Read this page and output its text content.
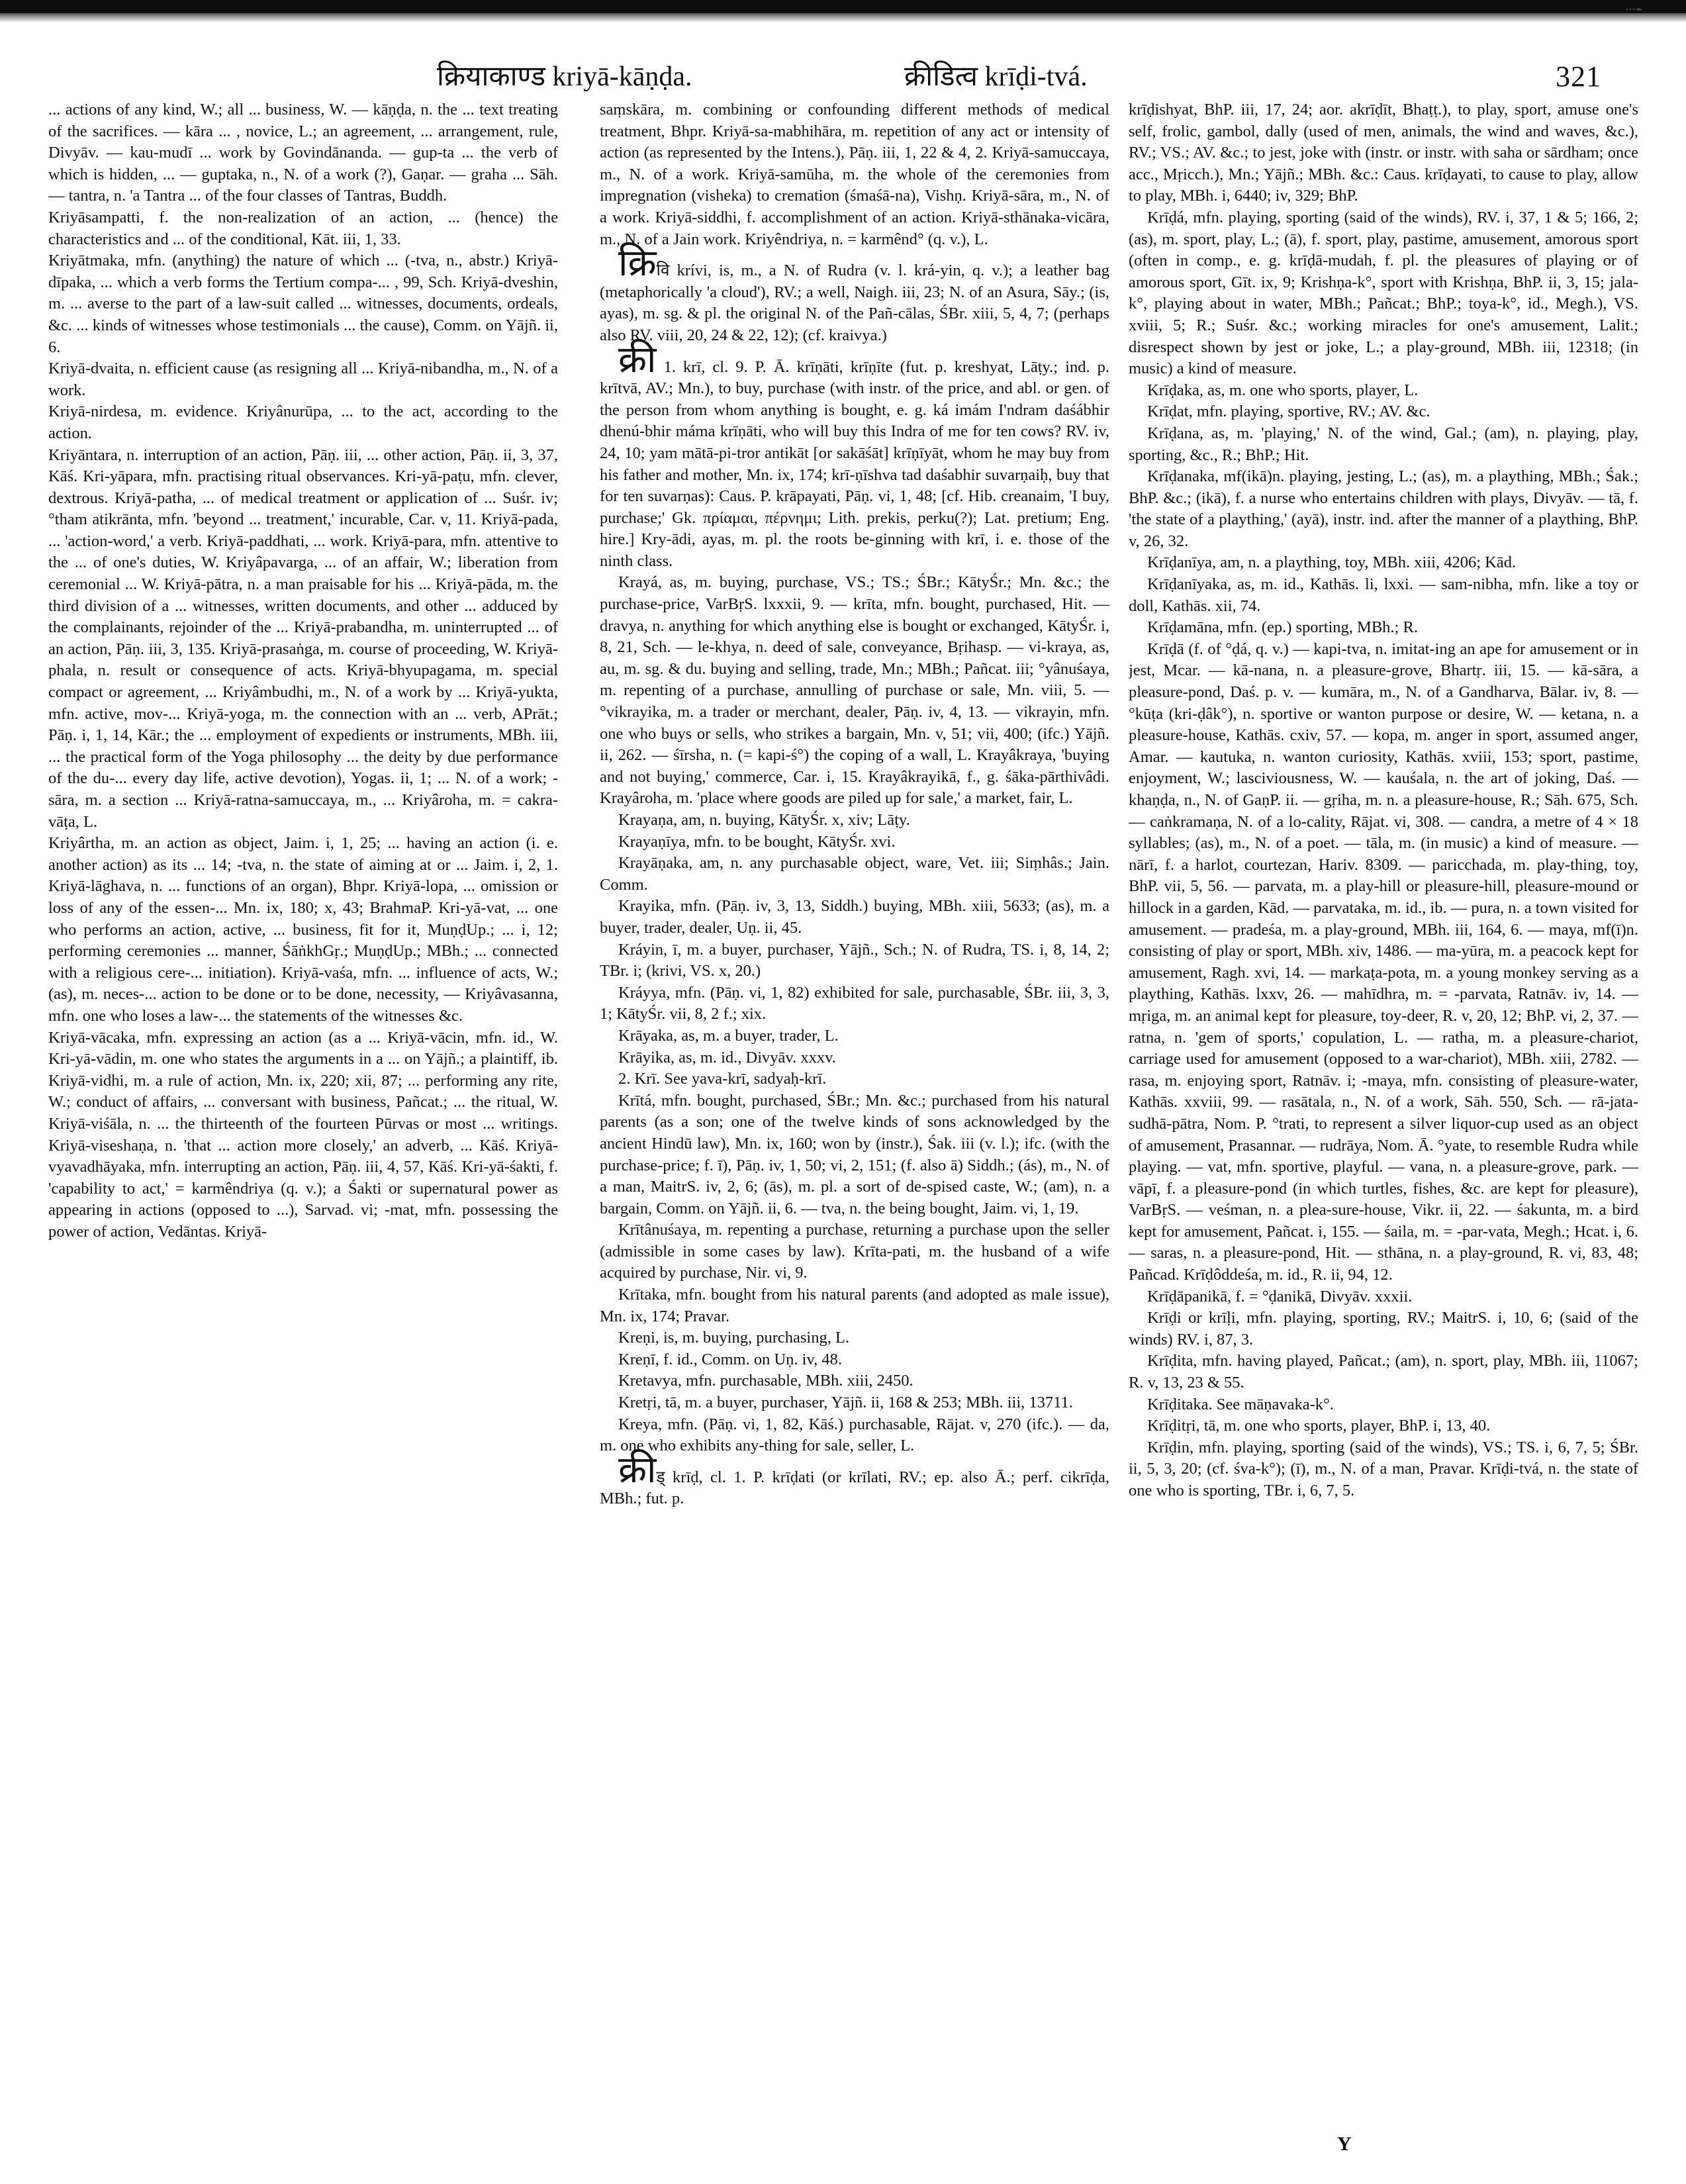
⋯⌁
क्रियाकाण्ड kriyā-kāṇḍa.	क्रीडित्व krīḍi-tvá.	321

... actions of any kind, W.; all ... business, W. — kāṇḍa, n. the ... text treating of the sacrifices. — kāra ... , novice, L.; an agreement, ... arrangement, rule, Divyāv. — kau-mudī ... work by Govindānanda. — gup-ta ... the verb of which is hidden, ... — guptaka, n., N. of a work (?), Gaṇar. — graha ... Sāh. — tantra, n. 'a Tantra ... of the four classes of Tantras, Buddh.

Kriyāsampatti, f. the non-realization of an action, ... (hence) the characteristics and ... of the conditional, Kāt. iii, 1, 33.

Kriyātmaka, mfn. (anything) the nature of which ... (-tva, n., abstr.) Kriyā-dīpaka, ... which a verb forms the Tertium compa-... , 99, Sch. Kriyā-dveshin, m. ... averse to the part of a law-suit called ... witnesses, documents, ordeals, &c. ... kinds of witnesses whose testimonials ... the cause), Comm. on Yājñ. ii, 6.

Kriyā-dvaita, n. efficient cause (as resigning all ... Kriyā-nibandha, m., N. of a work.

Kriyā-nirdesa, m. evidence. Kriyânurūpa, ... to the act, according to the action.

Kriyāntara, n. interruption of an action, Pāṇ. iii, ... other action, Pāṇ. ii, 3, 37, Kāś. Kri-yāpara, mfn. practising ritual observances. Kri-yā-paṭu, mfn. clever, dextrous. Kriyā-patha, ... of medical treatment or application of ... Suśr. iv; °tham atikrānta, mfn. 'beyond ... treatment,' incurable, Car. v, 11. Kriyā-pada, ... 'action-word,' a verb. Kriyā-paddhati, ... work. Kriyā-para, mfn. attentive to the ... of one's duties, W. Kriyâpavarga, ... of an affair, W.; liberation from ceremonial ... W. Kriyā-pātra, n. a man praisable for his ... Kriyā-pāda, m. the third division of a ... witnesses, written documents, and other ... adduced by the complainants, rejoinder of the ... Kriyā-prabandha, m. uninterrupted ... of an action, Pāṇ. iii, 3, 135. Kriyā-prasaṅga, m. course of proceeding, W. Kriyā-phala, n. result or consequence of acts. Kriyā-bhyupagama, m. special compact or agreement, ... Kriyâmbudhi, m., N. of a work by ... Kriyā-yukta, mfn. active, mov-... Kriyā-yoga, m. the connection with an ... verb, APrāt.; Pāṇ. i, 1, 14, Kār.; the ... employment of expedients or instruments, MBh. iii, ... the practical form of the Yoga philosophy ... the deity by due performance of the du-... every day life, active devotion), Yogas. ii, 1; ... N. of a work; -sāra, m. a section ... Kriyā-ratna-samuccaya, m., ... Kriyâroha, m. = cakra-vāṭa, L.

Kriyârtha, m. an action as object, Jaim. i, 1, 25; ... having an action (i. e. another action) as its ... 14; -tva, n. the state of aiming at or ... Jaim. i, 2, 1. Kriyā-lāghava, n. ... functions of an organ), Bhpr. Kriyā-lopa, ... omission or loss of any of the essen-... Mn. ix, 180; x, 43; BrahmaP. Kri-yā-vat, ... one who performs an action, active, ... business, fit for it, MuṇḍUp.; ... i, 12; performing ceremonies ... manner, ŚāṅkhGṛ.; MuṇḍUp.; MBh.; ... connected with a religious cere-... initiation). Kriyā-vaśa, mfn. ... influence of acts, W.; (as), m. neces-... action to be done or to be done, necessity, — Kriyâvasanna, mfn. one who loses a law-... the statements of the witnesses &c.

Kriyā-vācaka, mfn. expressing an action (as a ... Kriyā-vācin, mfn. id., W. Kri-yā-vādin, m. one who states the arguments in a ... on Yājñ.; a plaintiff, ib. Kriyā-vidhi, m. a rule of action, Mn. ix, 220; xii, 87; ... performing any rite, W.; conduct of affairs, ... conversant with business, Pañcat.; ... the ritual, W. Kriyā-viśāla, n. ... the thirteenth of the fourteen Pūrvas or most ... writings. Kriyā-viseshaṇa, n. 'that ... action more closely,' an adverb, ... Kāś. Kriyā-vyavadhāyaka, mfn. interrupting an action, Pāṇ. iii, 4, 57, Kāś. Kri-yā-śakti, f. 'capability to act,' = karmêndriya (q. v.); a Śakti or supernatural power as appearing in actions (opposed to ...), Sarvad. vi; -mat, mfn. possessing the power of action, Vedāntas. Kriyā-

saṃskāra, m. combining or confounding different methods of medical treatment, Bhpr. Kriyā-sa-mabhihāra, m. repetition of any act or intensity of action (as represented by the Intens.), Pāṇ. iii, 1, 22 & 4, 2. Kriyā-samuccaya, m., N. of a work. Kriyā-samūha, m. the whole of the ceremonies from impregnation (visheka) to cremation (śmaśā-na), Vishṇ. Kriyā-sāra, m., N. of a work. Kriyā-siddhi, f. accomplishment of an action. Kriyā-sthānaka-vicāra, m., N. of a Jain work. Kriyêndriya, n. = karmênd° (q. v.), L.

क्रिवि krívi, is, m., a N. of Rudra (v. l. krá-yin, q. v.); a leather bag (metaphorically 'a cloud'), RV.; a well, Naigh. iii, 23; N. of an Asura, Sāy.; (is, ayas), m. sg. & pl. the original N. of the Pañ-cālas, ŚBr. xiii, 5, 4, 7; (perhaps also RV. viii, 20, 24 & 22, 12); (cf. kraivya.)

क्री 1. krī, cl. 9. P. Ā. krīṇāti, krīṇīte (fut. p. kreshyat, Lāṭy.; ind. p. krītvā, AV.; Mn.), to buy, purchase (with instr. of the price, and abl. or gen. of the person from whom anything is bought, e. g. ká imám I'ndram daśábhir dhenú-bhir máma krīṇāti, who will buy this Indra of me for ten cows? RV. iv, 24, 10; yam mātā-pi-tror antikāt [or sakāśāt] krīṇīyāt, whom he may buy from his father and mother, Mn. ix, 174; krī-ṇīshva tad daśabhir suvarṇaiḥ, buy that for ten suvarṇas): Caus. P. krāpayati, Pāṇ. vi, 1, 48; [cf. Hib. creanaim, 'I buy, purchase;' Gk. πρίαμαι, πέρνημι; Lith. prekis, perku(?); Lat. pretium; Eng. hire.] Kry-ādi, ayas, m. pl. the roots be-ginning with krī, i. e. those of the ninth class.

Krayá, as, m. buying, purchase, VS.; TS.; ŚBr.; KātyŚr.; Mn. &c.; the purchase-price, VarBṛS. lxxxii, 9. — krīta, mfn. bought, purchased, Hit. — dravya, n. anything for which anything else is bought or exchanged, KātyŚr. i, 8, 21, Sch. — le-khya, n. deed of sale, conveyance, Bṛihasp. — vi-kraya, as, au, m. sg. & du. buying and selling, trade, Mn.; MBh.; Pañcat. iii; °yânuśaya, m. repenting of a purchase, annulling of purchase or sale, Mn. viii, 5. — °vikrayika, m. a trader or merchant, dealer, Pāṇ. iv, 4, 13. — vikrayin, mfn. one who buys or sells, who strikes a bargain, Mn. v, 51; vii, 400; (ifc.) Yājñ. ii, 262. — śīrsha, n. (= kapi-ś°) the coping of a wall, L. Krayâkraya, 'buying and not buying,' commerce, Car. i, 15. Krayâkrayikā, f., g. śāka-pārthivâdi. Krayâroha, m. 'place where goods are piled up for sale,' a market, fair, L.

Krayaṇa, am, n. buying, KātyŚr. x, xiv; Lāṭy.

Krayaṇīya, mfn. to be bought, KātyŚr. xvi.

Krayāṇaka, am, n. any purchasable object, ware, Vet. iii; Siṃhâs.; Jain. Comm.

Krayika, mfn. (Pāṇ. iv, 3, 13, Siddh.) buying, MBh. xiii, 5633; (as), m. a buyer, trader, dealer, Uṇ. ii, 45.

Kráyin, ī, m. a buyer, purchaser, Yājñ., Sch.; N. of Rudra, TS. i, 8, 14, 2; TBr. i; (krivi, VS. x, 20.)

Kráyya, mfn. (Pāṇ. vi, 1, 82) exhibited for sale, purchasable, ŚBr. iii, 3, 3, 1; KātyŚr. vii, 8, 2 f.; xix.

Krāyaka, as, m. a buyer, trader, L.

Krāyika, as, m. id., Divyāv. xxxv.

2. Krī. See yava-krī, sadyaḥ-krī.

Krītá, mfn. bought, purchased, ŚBr.; Mn. &c.; purchased from his natural parents (as a son; one of the twelve kinds of sons acknowledged by the ancient Hindū law), Mn. ix, 160; won by (instr.), Śak. iii (v. l.); ifc. (with the purchase-price; f. ī), Pāṇ. iv, 1, 50; vi, 2, 151; (f. also ā) Siddh.; (ás), m., N. of a man, MaitrS. iv, 2, 6; (ās), m. pl. a sort of de-spised caste, W.; (am), n. a bargain, Comm. on Yājñ. ii, 6. — tva, n. the being bought, Jaim. vi, 1, 19.

Krītânuśaya, m. repenting a purchase, returning a purchase upon the seller (admissible in some cases by law). Krīta-pati, m. the husband of a wife acquired by purchase, Nir. vi, 9.

Krītaka, mfn. bought from his natural parents (and adopted as male issue), Mn. ix, 174; Pravar.

Kreṇi, is, m. buying, purchasing, L.

Kreṇī, f. id., Comm. on Uṇ. iv, 48.

Kretavya, mfn. purchasable, MBh. xiii, 2450.

Kretṛi, tā, m. a buyer, purchaser, Yājñ. ii, 168 & 253; MBh. iii, 13711.

Kreya, mfn. (Pāṇ. vi, 1, 82, Kāś.) purchasable, Rājat. v, 270 (ifc.). — da, m. one who exhibits any-thing for sale, seller, L.

क्रीड् krīḍ, cl. 1. P. krīḍati (or krīlati, RV.; ep. also Ā.; perf. cikrīḍa, MBh.; fut. p.

krīḍishyat, BhP. iii, 17, 24; aor. akrīḍīt, Bhaṭṭ.), to play, sport, amuse one's self, frolic, gambol, dally (used of men, animals, the wind and waves, &c.), RV.; VS.; AV. &c.; to jest, joke with (instr. or instr. with saha or sārdham; once acc., Mṛicch.), Mn.; Yājñ.; MBh. &c.: Caus. krīḍayati, to cause to play, allow to play, MBh. i, 6440; iv, 329; BhP.

Krīḍá, mfn. playing, sporting (said of the winds), RV. i, 37, 1 & 5; 166, 2; (as), m. sport, play, L.; (ā), f. sport, play, pastime, amusement, amorous sport (often in comp., e. g. krīḍā-mudah, f. pl. the pleasures of playing or of amorous sport, Gīt. ix, 9; Krishṇa-k°, sport with Krishṇa, BhP. ii, 3, 15; jala-k°, playing about in water, MBh.; Pañcat.; BhP.; toya-k°, id., Megh.), VS. xviii, 5; R.; Suśr. &c.; working miracles for one's amusement, Lalit.; disrespect shown by jest or joke, L.; a play-ground, MBh. iii, 12318; (in music) a kind of measure.

Krīḍaka, as, m. one who sports, player, L.

Krīḍat, mfn. playing, sportive, RV.; AV. &c.

Krīḍana, as, m. 'playing,' N. of the wind, Gal.; (am), n. playing, play, sporting, &c., R.; BhP.; Hit.

Krīḍanaka, mf(ikā)n. playing, jesting, L.; (as), m. a plaything, MBh.; Śak.; BhP. &c.; (ikā), f. a nurse who entertains children with plays, Divyāv. — tā, f. 'the state of a plaything,' (ayā), instr. ind. after the manner of a plaything, BhP. v, 26, 32.

Krīḍanīya, am, n. a plaything, toy, MBh. xiii, 4206; Kād.

Krīḍanīyaka, as, m. id., Kathās. li, lxxi. — sam-nibha, mfn. like a toy or doll, Kathās. xii, 74.

Krīḍamāna, mfn. (ep.) sporting, MBh.; R.

Krīḍā (f. of °ḍá, q. v.) — kapi-tva, n. imitat-ing an ape for amusement or in jest, Mcar. — kā-nana, n. a pleasure-grove, Bhartṛ. iii, 15. — kā-sāra, a pleasure-pond, Daś. p. v. — kumāra, m., N. of a Gandharva, Bālar. iv, 8. — °kūṭa (kri-ḍâk°), n. sportive or wanton purpose or desire, W. — ketana, n. a pleasure-house, Kathās. cxiv, 57. — kopa, m. anger in sport, assumed anger, Amar. — kautuka, n. wanton curiosity, Kathās. xviii, 153; sport, pastime, enjoyment, W.; lasciviousness, W. — kauśala, n. the art of joking, Daś. — khaṇḍa, n., N. of GaṇP. ii. — gṛiha, m. n. a pleasure-house, R.; Sāh. 675, Sch. — caṅkramaṇa, N. of a lo-cality, Rājat. vi, 308. — candra, a metre of 4 × 18 syllables; (as), m., N. of a poet. — tāla, m. (in music) a kind of measure. — nārī, f. a harlot, courtezan, Hariv. 8309. — paricchada, m. play-thing, toy, BhP. vii, 5, 56. — parvata, m. a play-hill or pleasure-hill, pleasure-mound or hillock in a garden, Kād. — parvataka, m. id., ib. — pura, n. a town visited for amusement. — pradeśa, m. a play-ground, MBh. iii, 164, 6. — maya, mf(ī)n. consisting of play or sport, MBh. xiv, 1486. — ma-yūra, m. a peacock kept for amusement, Ragh. xvi, 14. — markaṭa-pota, m. a young monkey serving as a plaything, Kathās. lxxv, 26. — mahīdhra, m. = -parvata, Ratnāv. iv, 14. — mṛiga, m. an animal kept for pleasure, toy-deer, R. v, 20, 12; BhP. vi, 2, 37. — ratna, n. 'gem of sports,' copulation, L. — ratha, m. a pleasure-chariot, carriage used for amusement (opposed to a war-chariot), MBh. xiii, 2782. — rasa, m. enjoying sport, Ratnāv. i; -maya, mfn. consisting of pleasure-water, Kathās. xxviii, 99. — rasātala, n., N. of a work, Sāh. 550, Sch. — rā-jata-sudhā-pātra, Nom. P. °trati, to represent a silver liquor-cup used as an object of amusement, Prasannar. — rudrāya, Nom. Ā. °yate, to resemble Rudra while playing. — vat, mfn. sportive, playful. — vana, n. a pleasure-grove, park. — vāpī, f. a pleasure-pond (in which turtles, fishes, &c. are kept for pleasure), VarBṛS. — veśman, n. a plea-sure-house, Vikr. ii, 22. — śakunta, m. a bird kept for amusement, Pañcat. i, 155. — śaila, m. = -par-vata, Megh.; Hcat. i, 6. — saras, n. a pleasure-pond, Hit. — sthāna, n. a play-ground, R. vi, 83, 48; Pañcad. Krīḍôddeśa, m. id., R. ii, 94, 12.

Krīḍāpanikā, f. = °ḍanikā, Divyāv. xxxii.

Krīḍi or krīḷi, mfn. playing, sporting, RV.; MaitrS. i, 10, 6; (said of the winds) RV. i, 87, 3.

Krīḍita, mfn. having played, Pañcat.; (am), n. sport, play, MBh. iii, 11067; R. v, 13, 23 & 55.

Krīḍitaka. See māṇavaka-k°.

Krīḍitṛi, tā, m. one who sports, player, BhP. i, 13, 40.

Krīḍin, mfn. playing, sporting (said of the winds), VS.; TS. i, 6, 7, 5; ŚBr. ii, 5, 3, 20; (cf. śva-k°); (ī), m., N. of a man, Pravar. Krīḍi-tvá, n. the state of one who is sporting, TBr. i, 6, 7, 5.

Y
